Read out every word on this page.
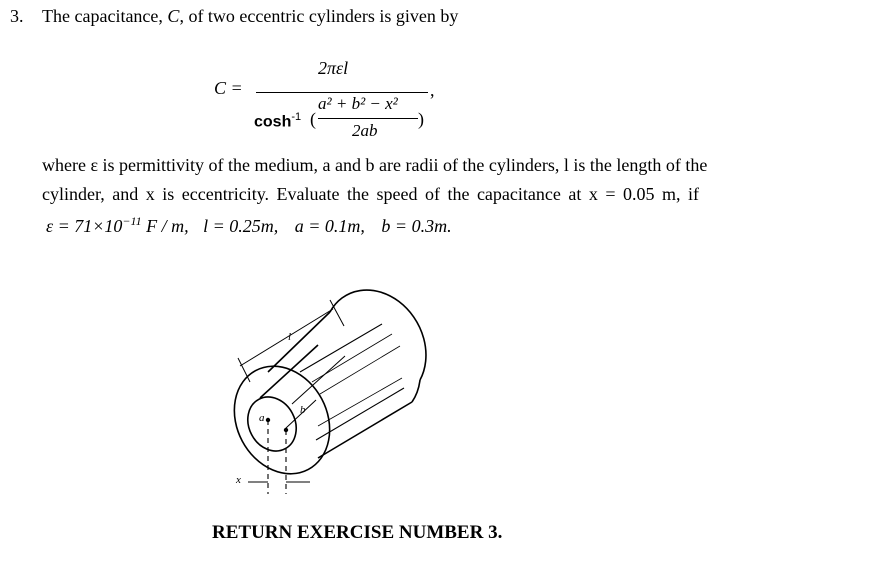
3. The capacitance, C, of two eccentric cylinders is given by
C =
2πεl
$\cosh^{-1}$ (
a² + b² − x²
2ab
)
,
where ε is permittivity of the medium, a and b are radii of the cylinders, l is the length of the
cylinder, and x is eccentricity. Evaluate the speed of the capacitance at x = 0.05 m, if
$\varepsilon = 71\times 10^{-11}$ F / m, l = 0.25m, a = 0.1m, b = 0.3m.
l
a
b
x
RETURN EXERCISE NUMBER 3.
